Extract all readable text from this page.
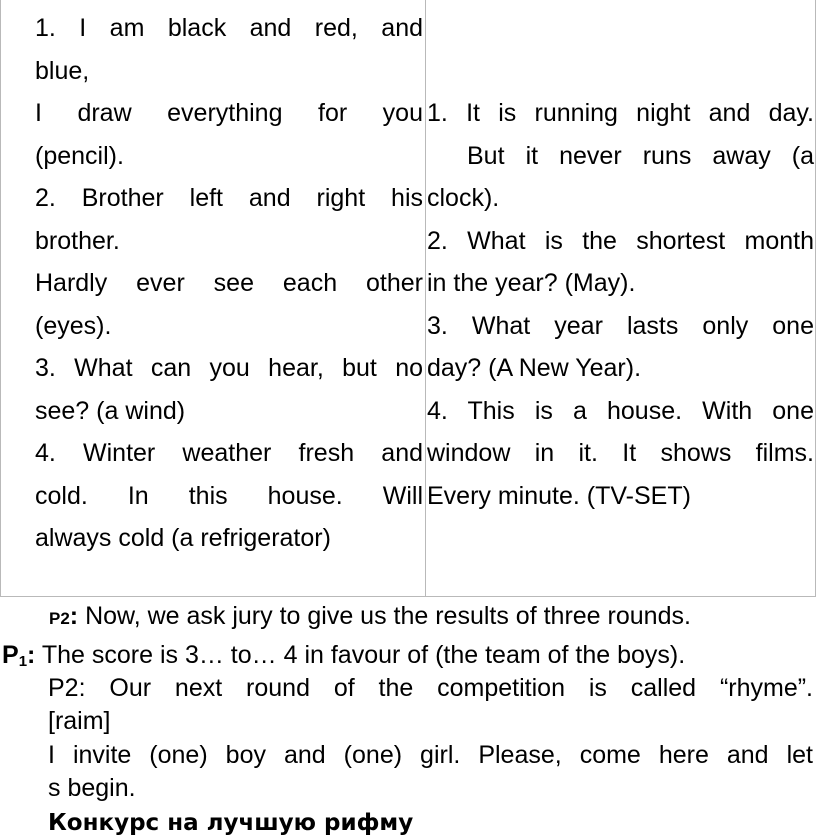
1. I am black and red, and
blue,
I draw everything for you
(pencil).
2. Brother left and right his
brother.
Hardly ever see each other
(eyes).
3. What can you hear, but no
see? (a wind)
4. Winter weather fresh and
cold. In this house. Will
always cold (a refrigerator)
1. It is running night and day.
But it never runs away (a
clock).
2. What is the shortest month
in the year? (May).
3. What year lasts only one
day? (A New Year).
4. This is a house. With one
window in it. It shows films.
Every minute. (TV-SET)
P2: Now, we ask jury to give us the results of three rounds.
$P_1$: The score is 3… to… 4 in favour of (the team of the boys).
P2: Our next round of the competition is called “rhyme”.
[raim]
I invite (one) boy and (one) girl. Please, come here and let
s begin.
Конкурс на лучшую рифму
